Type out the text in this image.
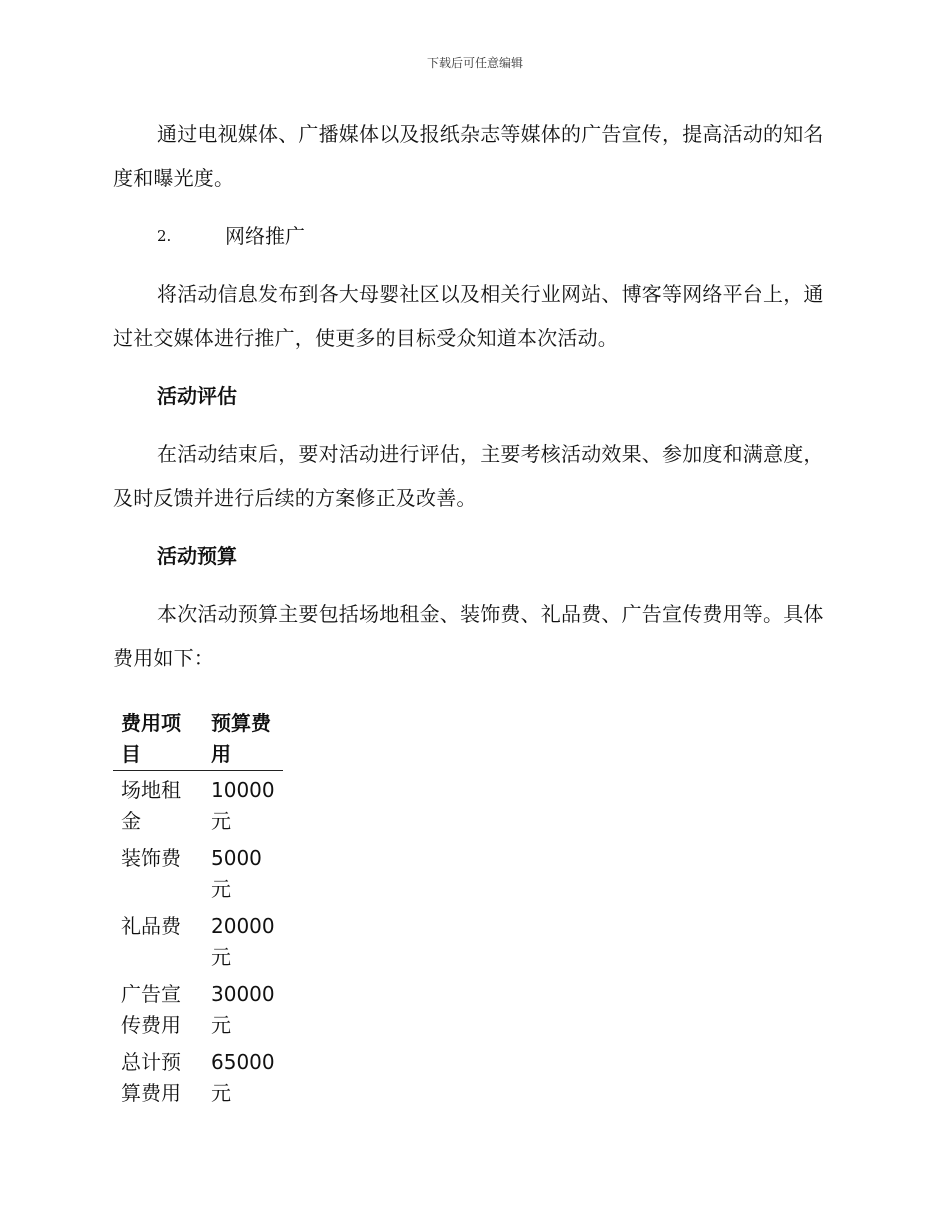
下载后可任意编辑

通过电视媒体、广播媒体以及报纸杂志等媒体的广告宣传，提高活动的知名度和曝光度。

2.	网络推广

将活动信息发布到各大母婴社区以及相关行业网站、博客等网络平台上，通过社交媒体进行推广，使更多的目标受众知道本次活动。

活动评估

在活动结束后，要对活动进行评估，主要考核活动效果、参加度和满意度，及时反馈并进行后续的方案修正及改善。

活动预算

本次活动预算主要包括场地租金、装饰费、礼品费、广告宣传费用等。具体费用如下：

费用项目	预算费用
场地租金	10000元
装饰费	5000元
礼品费	20000元
广告宣传费用	30000元
总计预算费用	65000元
